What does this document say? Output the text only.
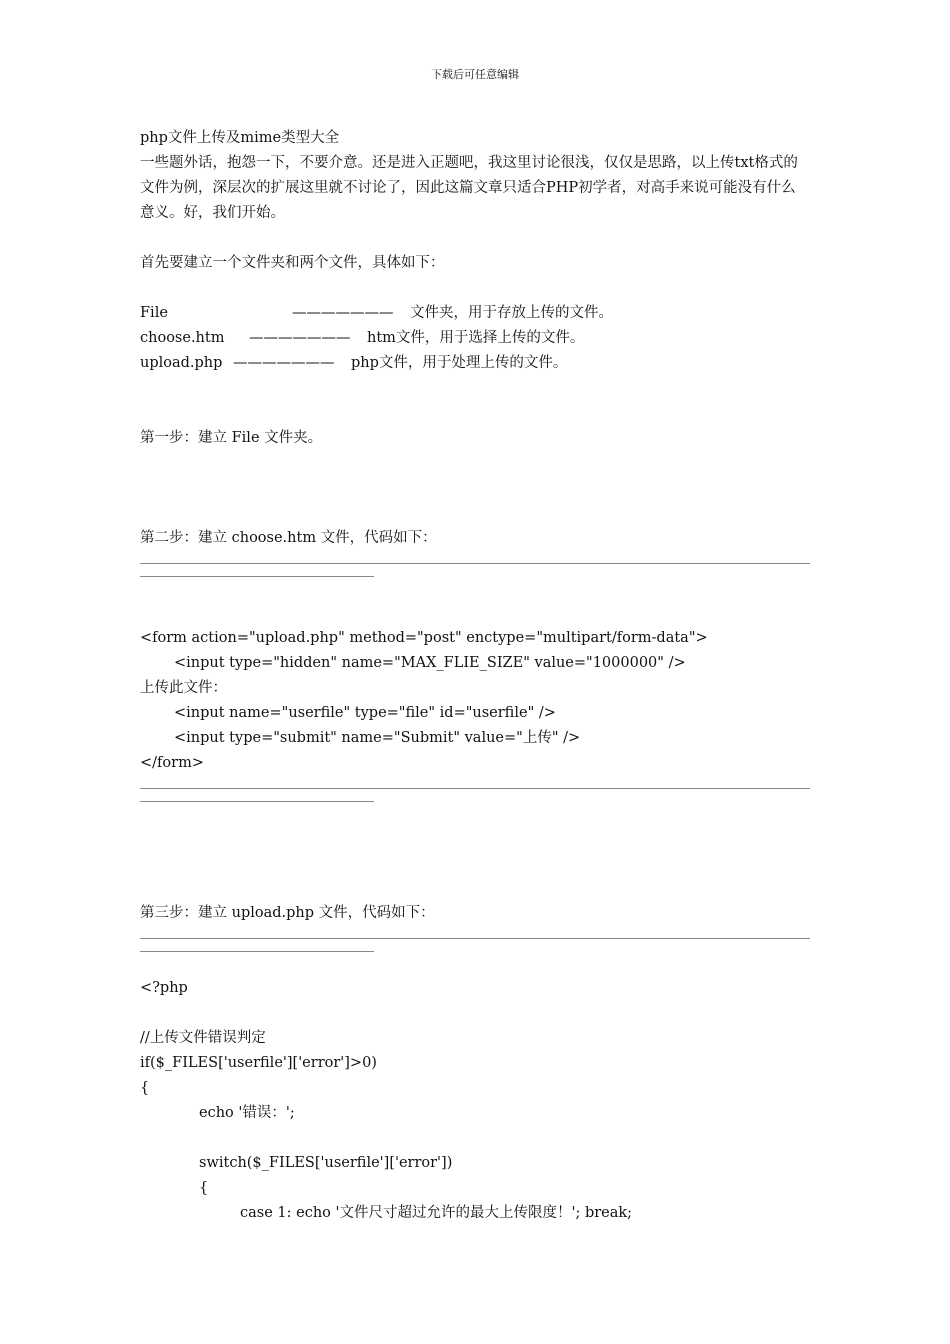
下载后可任意编辑
php文件上传及mime类型大全
一些题外话，抱怨一下，不要介意。还是进入正题吧，我这里讨论很浅，仅仅是思路，以上传txt格式的文件为例，深层次的扩展这里就不讨论了，因此这篇文章只适合PHP初学者，对高手来说可能没有什么意义。好，我们开始。
首先要建立一个文件夹和两个文件，具体如下：
File	——————— 文件夹，用于存放上传的文件。
choose.htm ——————— htm文件，用于选择上传的文件。
upload.php ——————— php文件，用于处理上传的文件。
第一步：建立 File 文件夹。
第二步：建立 choose.htm 文件，代码如下：
<form action="upload.php" method="post" enctype="multipart/form-data">
<input type="hidden" name="MAX_FLIE_SIZE" value="1000000" />
上传此文件：
<input name="userfile" type="file" id="userfile" />
<input type="submit" name="Submit" value="上传" />
</form>
第三步：建立 upload.php 文件，代码如下：
<?php
//上传文件错误判定
if($_FILES['userfile']['error']>0)
{
echo '错误：';
switch($_FILES['userfile']['error'])
{
case 1: echo '文件尺寸超过允许的最大上传限度！'; break;
